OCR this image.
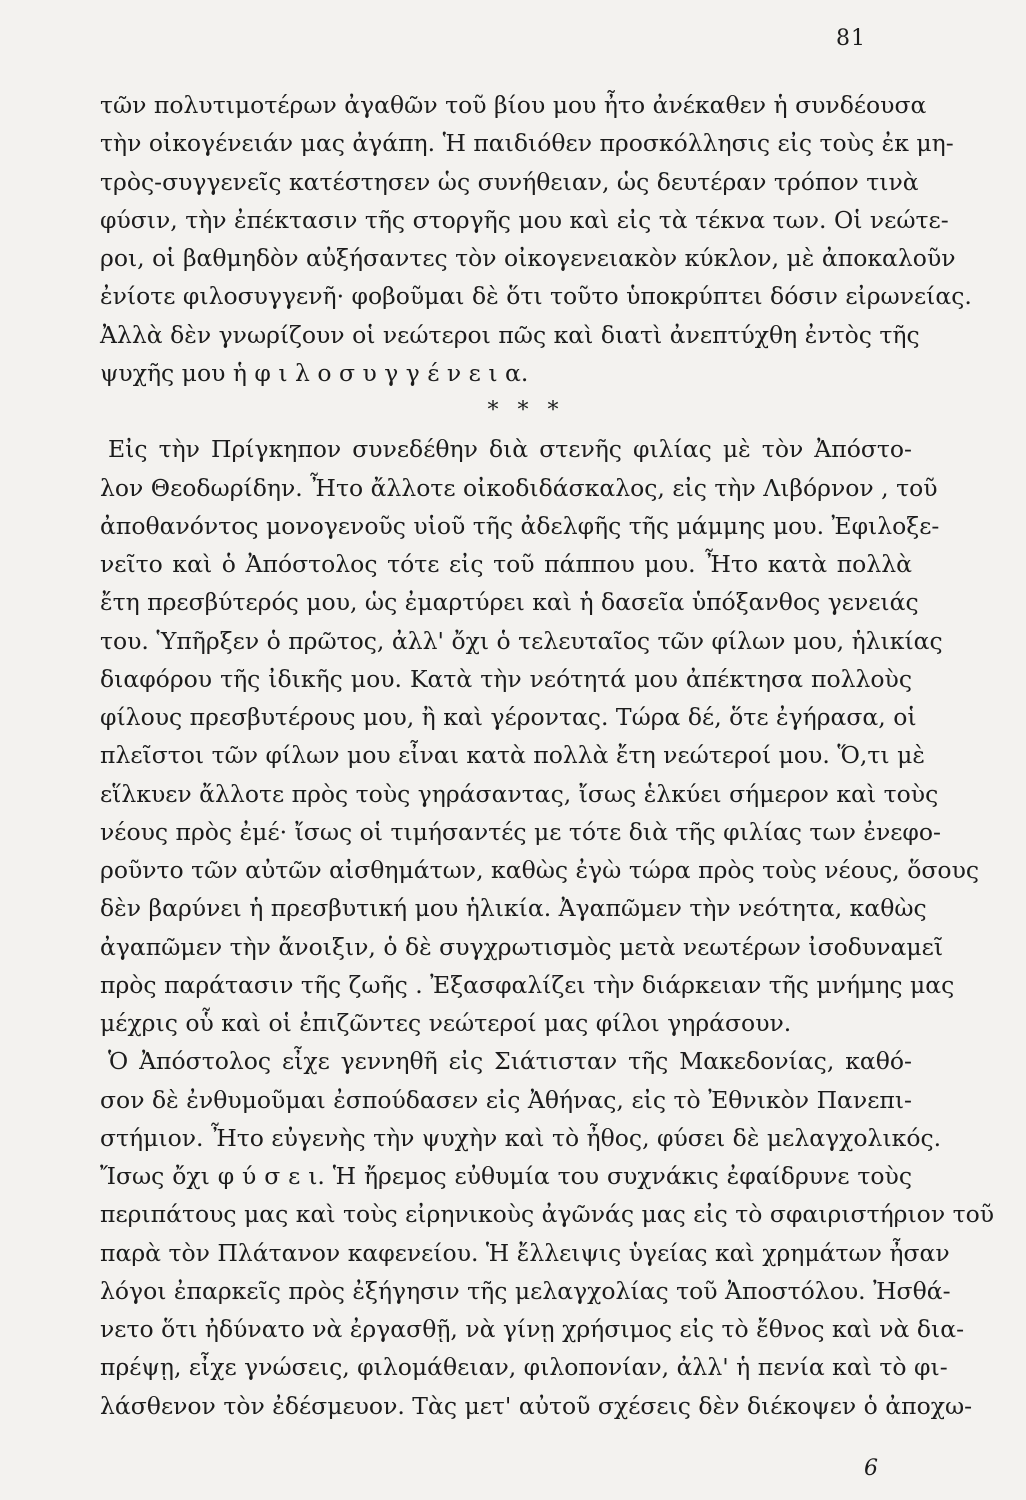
81
τῶν πολυτιμοτέρων ἀγαθῶν τοῦ βίου μου ἦτο ἀνέκαθεν ἡ συνδέουσα
τὴν οἰκογένειάν μας ἀγάπη. Ἡ παιδιόθεν προσκόλλησις εἰς τοὺς ἐκ μη-
τρὸς-συγγενεῖς κατέστησεν ὡς συνήθειαν, ὡς δευτέραν τρόπον τινὰ
φύσιν, τὴν ἐπέκτασιν τῆς στοργῆς μου καὶ εἰς τὰ τέκνα των. Οἱ νεώτε-
ροι, οἱ βαθμηδὸν αὐξήσαντες τὸν οἰκογενειακὸν κύκλον, μὲ ἀποκαλοῦν
ἐνίοτε φιλοσυγγενῆ· φοβοῦμαι δὲ ὅτι τοῦτο ὑποκρύπτει δόσιν εἰρωνείας.
Ἀλλὰ δὲν γνωρίζουν οἱ νεώτεροι πῶς καὶ διατὶ ἀνεπτύχθη ἐντὸς τῆς
ψυχῆς μου ἡ φ ι λ ο σ υ γ γ έ ν ε ι α.
* * *
Εἰς τὴν Πρίγκηπον συνεδέθην διὰ στενῆς φιλίας μὲ τὸν Ἀπόστο-
λον Θεοδωρίδην. Ἦτο ἄλλοτε οἰκοδιδάσκαλος, εἰς τὴν Λιβόρνον , τοῦ
ἀποθανόντος μονογενοῦς υἱοῦ τῆς ἀδελφῆς τῆς μάμμης μου. Ἐφιλοξε-
νεῖτο καὶ ὁ Ἀπόστολος τότε εἰς τοῦ πάππου μου. Ἦτο κατὰ πολλὰ
ἔτη πρεσβύτερός μου, ὡς ἐμαρτύρει καὶ ἡ δασεῖα ὑπόξανθος γενειάς
του. Ὑπῆρξεν ὁ πρῶτος, ἀλλ' ὄχι ὁ τελευταῖος τῶν φίλων μου, ἡλικίας
διαφόρου τῆς ἰδικῆς μου. Κατὰ τὴν νεότητά μου ἀπέκτησα πολλοὺς
φίλους πρεσβυτέρους μου, ἢ καὶ γέροντας. Τώρα δέ, ὅτε ἐγήρασα, οἱ
πλεῖστοι τῶν φίλων μου εἶναι κατὰ πολλὰ ἔτη νεώτεροί μου. Ὅ,τι μὲ
εἵλκυεν ἄλλοτε πρὸς τοὺς γηράσαντας, ἴσως ἑλκύει σήμερον καὶ τοὺς
νέους πρὸς ἐμέ· ἴσως οἱ τιμήσαντές με τότε διὰ τῆς φιλίας των ἐνεφο-
ροῦντο τῶν αὐτῶν αἰσθημάτων, καθὼς ἐγὼ τώρα πρὸς τοὺς νέους, ὅσους
δὲν βαρύνει ἡ πρεσβυτική μου ἡλικία. Ἀγαπῶμεν τὴν νεότητα, καθὼς
ἀγαπῶμεν τὴν ἄνοιξιν, ὁ δὲ συγχρωτισμὸς μετὰ νεωτέρων ἰσοδυναμεῖ
πρὸς παράτασιν τῆς ζωῆς . Ἐξασφαλίζει τὴν διάρκειαν τῆς μνήμης μας
μέχρις οὗ καὶ οἱ ἐπιζῶντες νεώτεροί μας φίλοι γηράσουν.
Ὁ Ἀπόστολος εἶχε γεννηθῆ εἰς Σιάτισταν τῆς Μακεδονίας, καθό-
σον δὲ ἐνθυμοῦμαι ἐσπούδασεν εἰς Ἀθήνας, εἰς τὸ Ἐθνικὸν Πανεπι-
στήμιον. Ἦτο εὐγενὴς τὴν ψυχὴν καὶ τὸ ἦθος, φύσει δὲ μελαγχολικός.
Ἴσως ὄχι φ ύ σ ε ι. Ἡ ἤρεμος εὐθυμία του συχνάκις ἐφαίδρυνε τοὺς
περιπάτους μας καὶ τοὺς εἰρηνικοὺς ἀγῶνάς μας εἰς τὸ σφαιριστήριον τοῦ
παρὰ τὸν Πλάτανον καφενείου. Ἡ ἔλλειψις ὑγείας καὶ χρημάτων ἦσαν
λόγοι ἐπαρκεῖς πρὸς ἐξήγησιν τῆς μελαγχολίας τοῦ Ἀποστόλου. Ἠσθά-
νετο ὅτι ἠδύνατο νὰ ἐργασθῇ, νὰ γίνῃ χρήσιμος εἰς τὸ ἔθνος καὶ νὰ δια-
πρέψῃ, εἶχε γνώσεις, φιλομάθειαν, φιλοπονίαν, ἀλλ' ἡ πενία καὶ τὸ φι-
λάσθενον τὸν ἐδέσμευον. Τὰς μετ' αὐτοῦ σχέσεις δὲν διέκοψεν ὁ ἀποχω-
6
